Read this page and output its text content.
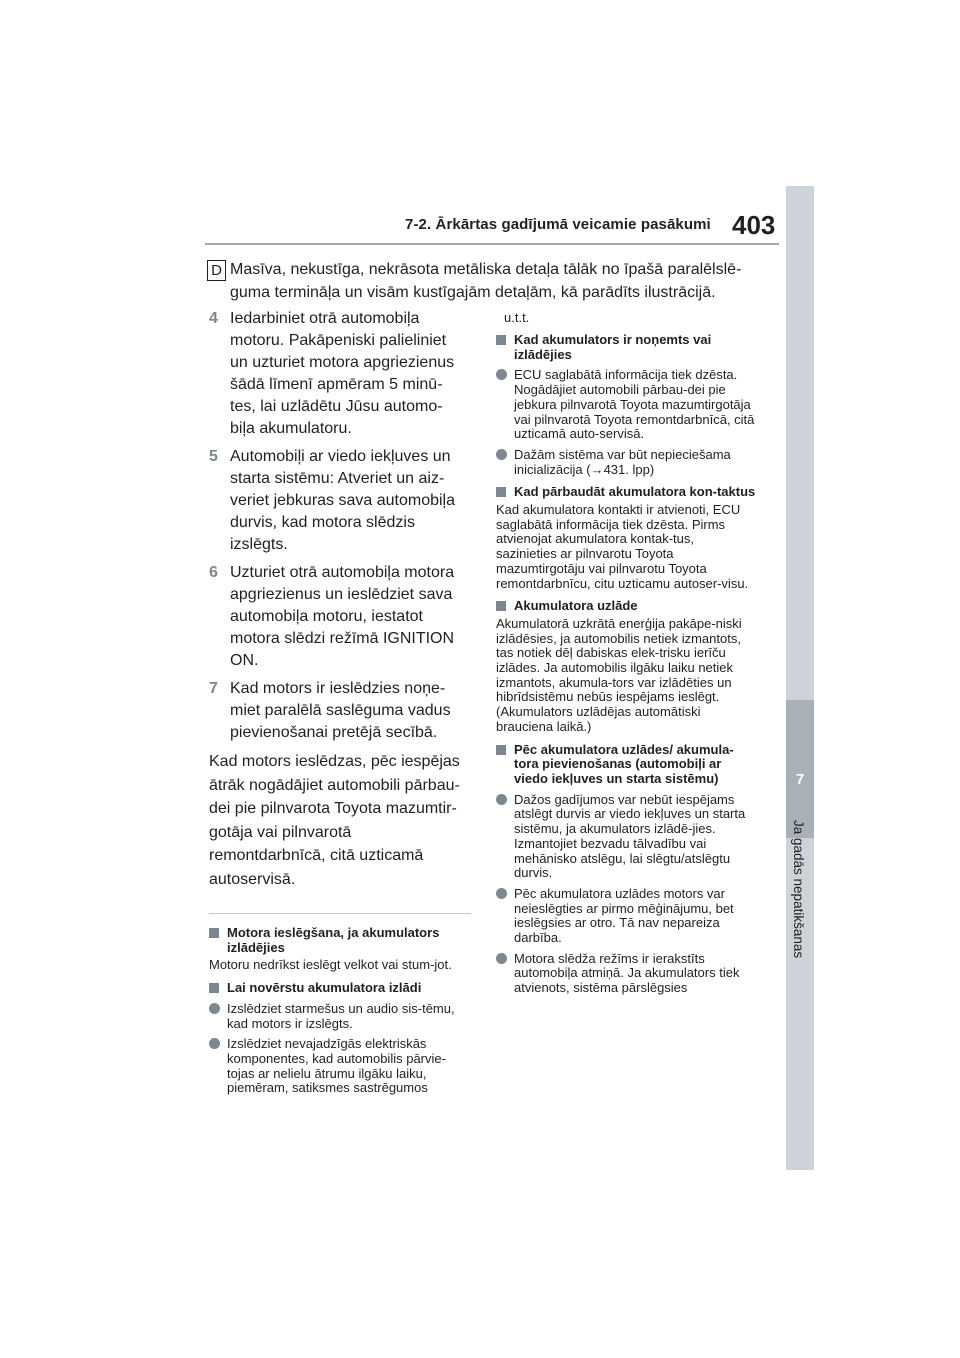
7-2. Ārkārtas gadījumā veicamie pasākumi 403
7
Ja gadās nepatikšanas
D Masīva, nekustīga, nekrāsota metāliska detaļa tālāk no īpašā paralēlslē-guma termināļa un visām kustīgajām detaļām, kā parādīts ilustrācijā.
4 Iedarbiniet otrā automobiļa motoru. Pakāpeniski palieliniet un uzturiet motora apgriezienus šādā līmenī apmēram 5 minū-tes, lai uzlādētu Jūsu automo-biļa akumulatoru.
5 Automobiļi ar viedo iekļuves un starta sistēmu: Atveriet un aiz-veriet jebkuras sava automobiļa durvis, kad motora slēdzis izslēgts.
6 Uzturiet otrā automobiļa motora apgriezienus un ieslēdziet sava automobiļa motoru, iestatot motora slēdzi režīmā IGNITION ON.
7 Kad motors ir ieslēdzies noņe-miet paralēlā saslēguma vadus pievienošanai pretējā secībā.
Kad motors ieslēdzas, pēc iespējas ātrāk nogādājiet automobili pārbau-dei pie pilnvarota Toyota mazumtir-gotāja vai pilnvarotā remontdarbnīcā, citā uzticamā autoservisā.
Motora ieslēgšana, ja akumulators izlādējies
Motoru nedrīkst ieslēgt velkot vai stum-jot.
Lai novērstu akumulatora izlādi
Izslēdziet starmešus un audio sis-tēmu, kad motors ir izslēgts.
Izslēdziet nevajadzīgās elektriskās komponentes, kad automobilis pārvie-tojas ar nelielu ātrumu ilgāku laiku, piemēram, satiksmes sastrēgumos
u.t.t.
Kad akumulators ir noņemts vai izlādējies
ECU saglabātā informācija tiek dzēsta. Nogādājiet automobili pārbau-dei pie jebkura pilnvarotā Toyota mazumtirgotāja vai pilnvarotā Toyota remontdarbnīcā, citā uzticamā auto-servisā.
Dažām sistēma var būt nepieciešama inicializācija (→431. lpp)
Kad pārbaudāt akumulatora kon-taktus
Kad akumulatora kontakti ir atvienoti, ECU saglabātā informācija tiek dzēsta. Pirms atvienojat akumulatora kontak-tus, sazinieties ar pilnvarotu Toyota mazumtirgotāju vai pilnvarotu Toyota remontdarbnīcu, citu uzticamu autoser-visu.
Akumulatora uzlāde
Akumulatorā uzkrātā enerģija pakāpe-niski izlādēsies, ja automobilis netiek izmantots, tas notiek dēļ dabiskas elek-trisku ierīču izlādes. Ja automobilis ilgāku laiku netiek izmantots, akumula-tors var izlādēties un hibrīdsistēmu nebūs iespējams ieslēgt. (Akumulators uzlādējas automātiski brauciena laikā.)
Pēc akumulatora uzlādes/ akumula-tora pievienošanas (automobiļi ar viedo iekļuves un starta sistēmu)
Dažos gadījumos var nebūt iespējams atslēgt durvis ar viedo iekļuves un starta sistēmu, ja akumulators izlādē-jies. Izmantojiet bezvadu tālvadību vai mehānisko atslēgu, lai slēgtu/atslēgtu durvis.
Pēc akumulatora uzlādes motors var neieslēgties ar pirmo mēģinājumu, bet ieslēgsies ar otro. Tā nav nepareiza darbība.
Motora slēdža režīms ir ierakstīts automobiļa atmiņā. Ja akumulators tiek atvienots, sistēma pārslēgsies
